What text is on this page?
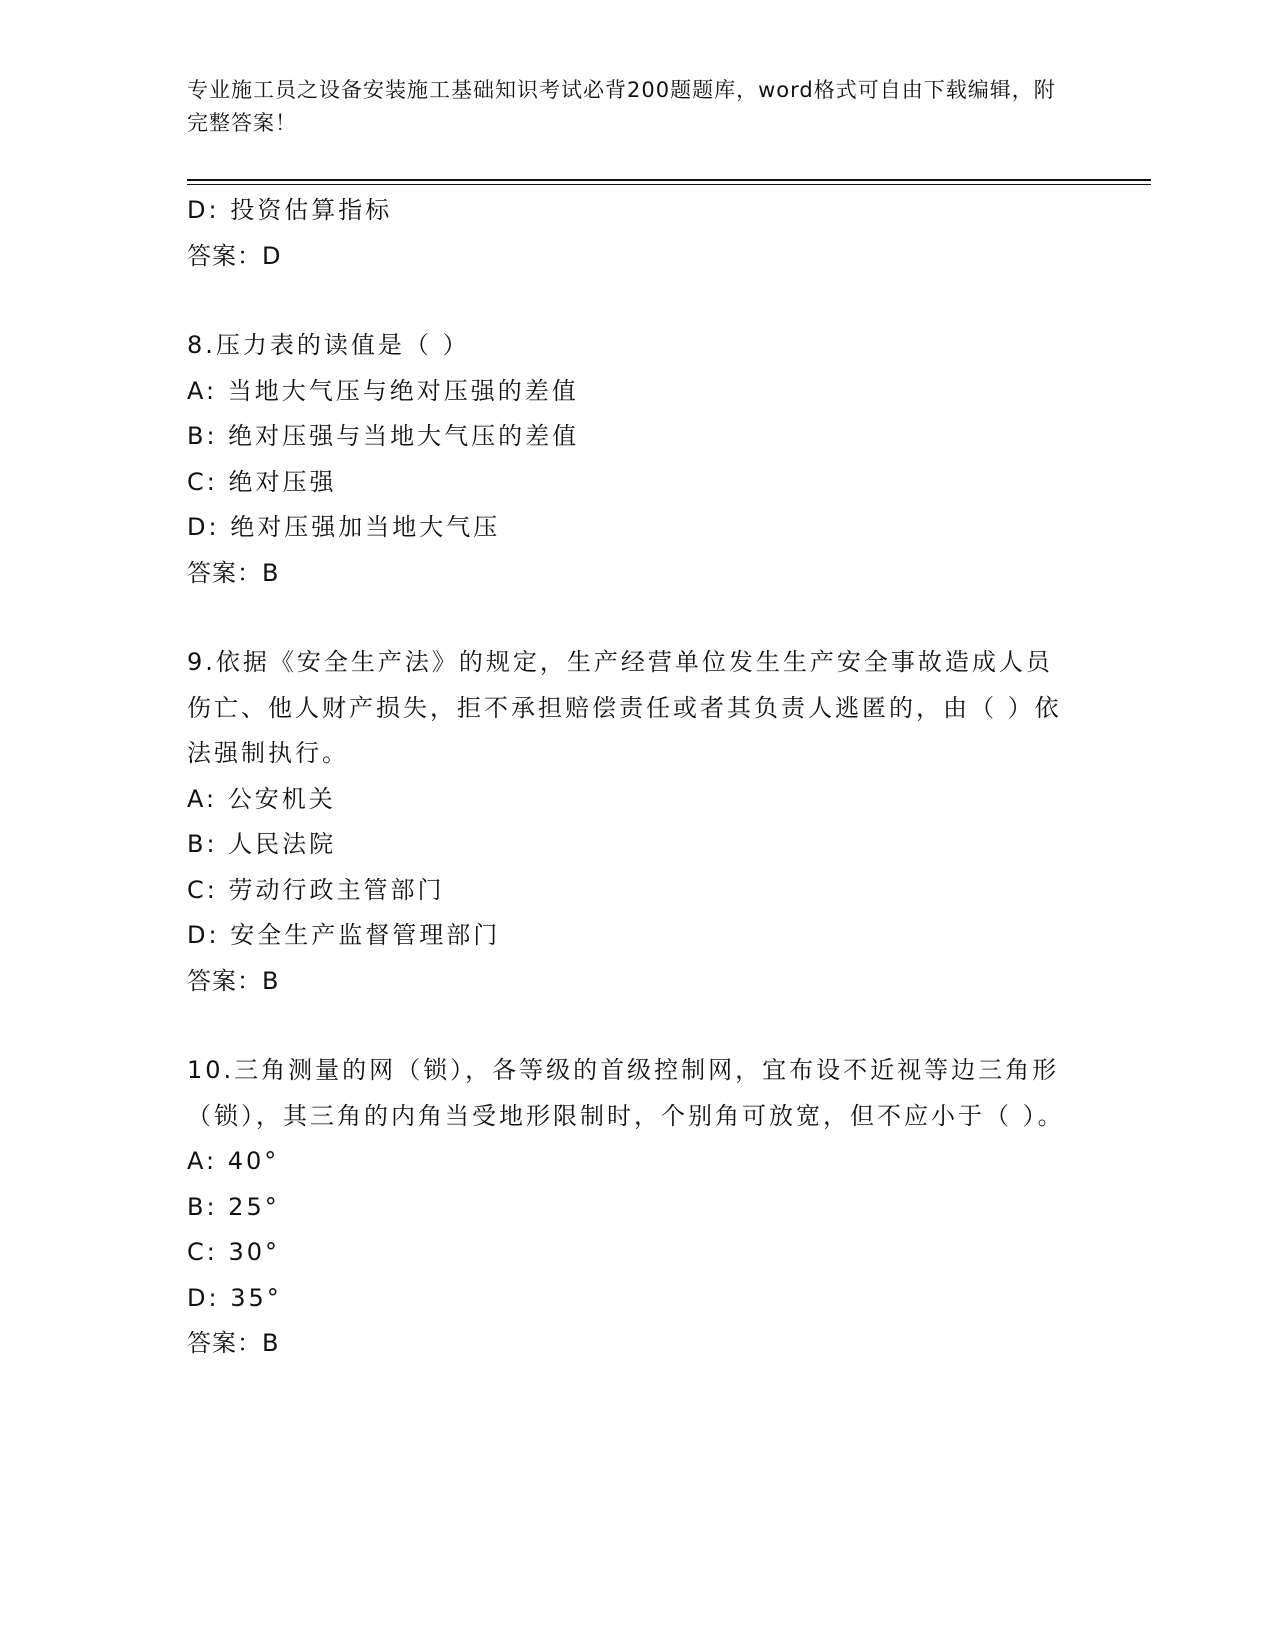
专业施工员之设备安装施工基础知识考试必背200题题库，word格式可自由下载编辑，附完整答案！
D: 投资估算指标
答案：D
8.压力表的读值是（ ）
A: 当地大气压与绝对压强的差值
B: 绝对压强与当地大气压的差值
C: 绝对压强
D: 绝对压强加当地大气压
答案：B
9.依据《安全生产法》的规定，生产经营单位发生生产安全事故造成人员伤亡、他人财产损失，拒不承担赔偿责任或者其负责人逃匿的，由（ ）依法强制执行。
A: 公安机关
B: 人民法院
C: 劳动行政主管部门
D: 安全生产监督管理部门
答案：B
10.三角测量的网（锁），各等级的首级控制网，宜布设不近视等边三角形（锁），其三角的内角当受地形限制时，个别角可放宽，但不应小于（ ）。
A: 40°
B: 25°
C: 30°
D: 35°
答案：B
